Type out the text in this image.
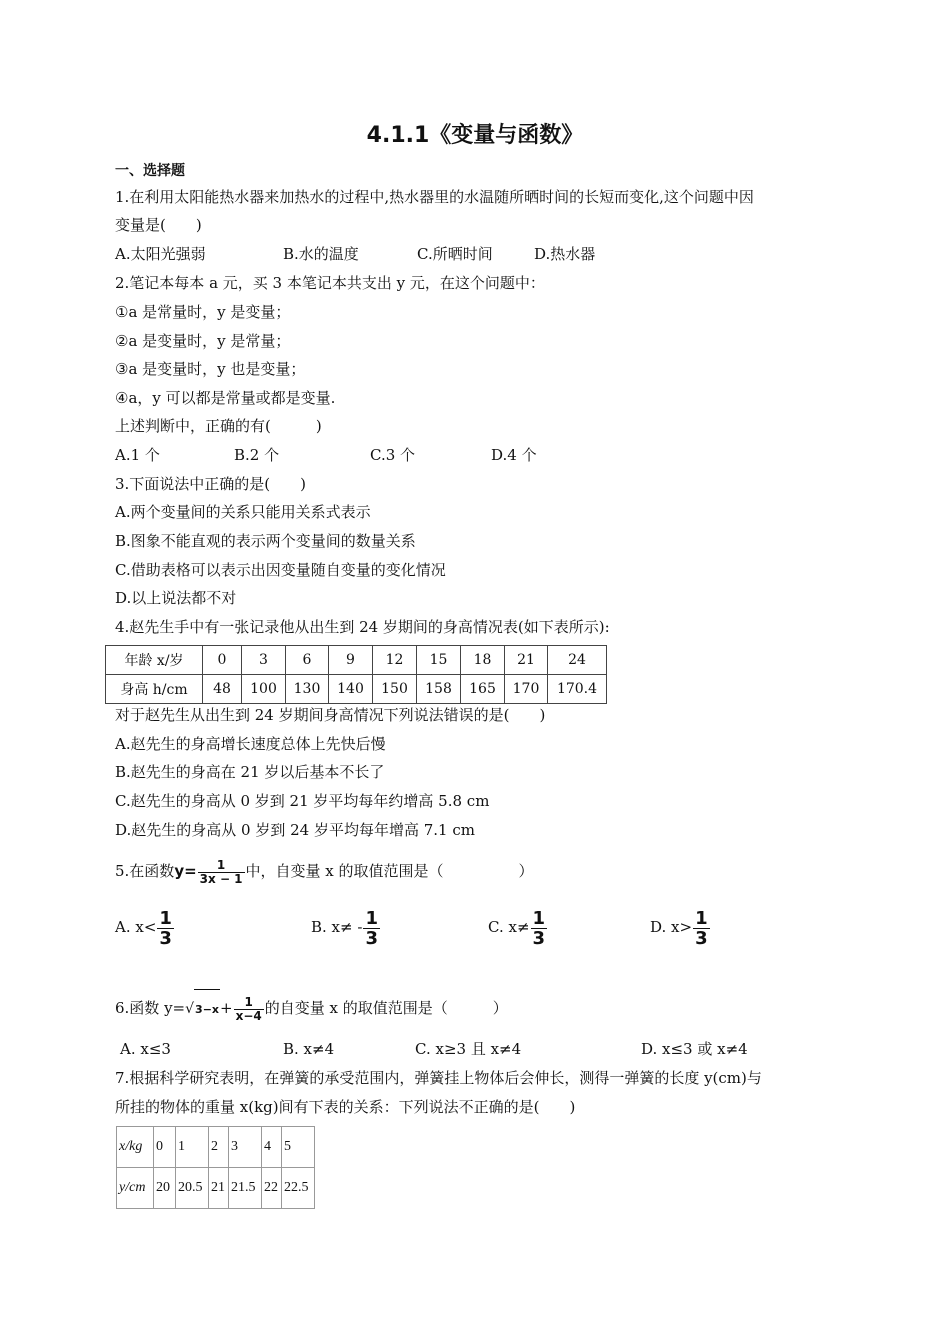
4.1.1《变量与函数》
一、选择题
1.在利用太阳能热水器来加热水的过程中,热水器里的水温随所晒时间的长短而变化,这个问题中因
变量是(　　)
A.太阳光强弱	B.水的温度	C.所晒时间	D.热水器
2.笔记本每本 a 元，买 3 本笔记本共支出 y 元，在这个问题中：
①a 是常量时，y 是变量；
②a 是变量时，y 是常量；
③a 是变量时，y 也是变量；
④a，y 可以都是常量或都是变量.
上述判断中，正确的有(　　　)
A.1 个	B.2 个	C.3 个	D.4 个
3.下面说法中正确的是(　　)
A.两个变量间的关系只能用关系式表示
B.图象不能直观的表示两个变量间的数量关系
C.借助表格可以表示出因变量随自变量的变化情况
D.以上说法都不对
4.赵先生手中有一张记录他从出生到 24 岁期间的身高情况表(如下表所示):
年龄 x/岁	0	3	6	9	12	15	18	21	24
身高 h/cm	48	100	130	140	150	158	165	170	170.4
对于赵先生从出生到 24 岁期间身高情况下列说法错误的是(　　)
A.赵先生的身高增长速度总体上先快后慢
B.赵先生的身高在 21 岁以后基本不长了
C.赵先生的身高从 0 岁到 21 岁平均每年约增高 5.8 cm
D.赵先生的身高从 0 岁到 24 岁平均每年增高 7.1 cm
5.在函数$y= \frac{1}{3x - 1}$ 中，自变量 x 的取值范围是（　　　　　）
A. $x< \frac{1}{3}$	B. $x\ne - \frac{1}{3}$	C. $x\ne \frac{1}{3}$	D. $x> \frac{1}{3}$
6.函数 $y=√3-x+ \frac{1}{x-4}$ 的自变量 x 的取值范围是（　　　）
A. x≤3	B. x≠4	C. x≥3 且 x≠4	D. x≤3 或 x≠4
7.根据科学研究表明，在弹簧的承受范围内，弹簧挂上物体后会伸长，测得一弹簧的长度 y(cm)与
所挂的物体的重量 x(kg)间有下表的关系：下列说法不正确的是(　　)
x/kg	0	1	2	3	4	5
y/cm	20	20.5	21	21.5	22	22.5
